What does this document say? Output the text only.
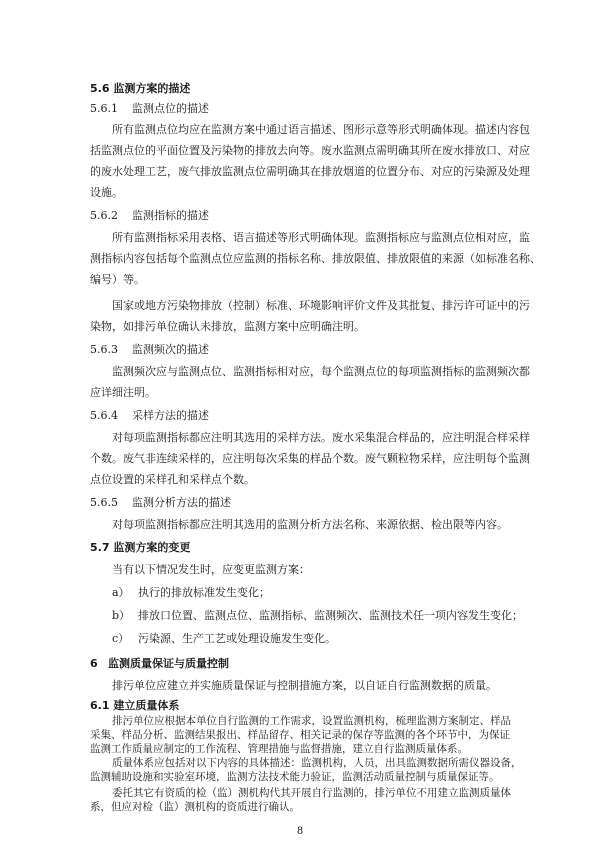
5.6 监测方案的描述
5.6.1 监测点位的描述
所有监测点位均应在监测方案中通过语言描述、图形示意等形式明确体现。描述内容包
括监测点位的平面位置及污染物的排放去向等。废水监测点需明确其所在废水排放口、对应
的废水处理工艺，废气排放监测点位需明确其在排放烟道的位置分布、对应的污染源及处理
设施。
5.6.2 监测指标的描述
所有监测指标采用表格、语言描述等形式明确体现。监测指标应与监测点位相对应，监
测指标内容包括每个监测点位应监测的指标名称、排放限值、排放限值的来源（如标准名称、
编号）等。
国家或地方污染物排放（控制）标准、环境影响评价文件及其批复、排污许可证中的污
染物，如排污单位确认未排放，监测方案中应明确注明。
5.6.3 监测频次的描述
监测频次应与监测点位、监测指标相对应，每个监测点位的每项监测指标的监测频次都
应详细注明。
5.6.4 采样方法的描述
对每项监测指标都应注明其选用的采样方法。废水采集混合样品的，应注明混合样采样
个数。废气非连续采样的，应注明每次采集的样品个数。废气颗粒物采样，应注明每个监测
点位设置的采样孔和采样点个数。
5.6.5 监测分析方法的描述
对每项监测指标都应注明其选用的监测分析方法名称、来源依据、检出限等内容。
5.7 监测方案的变更
当有以下情况发生时，应变更监测方案：
a） 执行的排放标准发生变化；
b） 排放口位置、监测点位、监测指标、监测频次、监测技术任一项内容发生变化；
c） 污染源、生产工艺或处理设施发生变化。
6 监测质量保证与质量控制
排污单位应建立并实施质量保证与控制措施方案，以自证自行监测数据的质量。
6.1 建立质量体系
排污单位应根据本单位自行监测的工作需求，设置监测机构，梳理监测方案制定、样品
采集、样品分析、监测结果报出、样品留存、相关记录的保存等监测的各个环节中，为保证
监测工作质量应制定的工作流程、管理措施与监督措施，建立自行监测质量体系。
8
质量体系应包括对以下内容的具体描述：监测机构，人员，出具监测数据所需仪器设备，
监测辅助设施和实验室环境，监测方法技术能力验证，监测活动质量控制与质量保证等。
委托其它有资质的检（监）测机构代其开展自行监测的，排污单位不用建立监测质量体
系，但应对检（监）测机构的资质进行确认。
